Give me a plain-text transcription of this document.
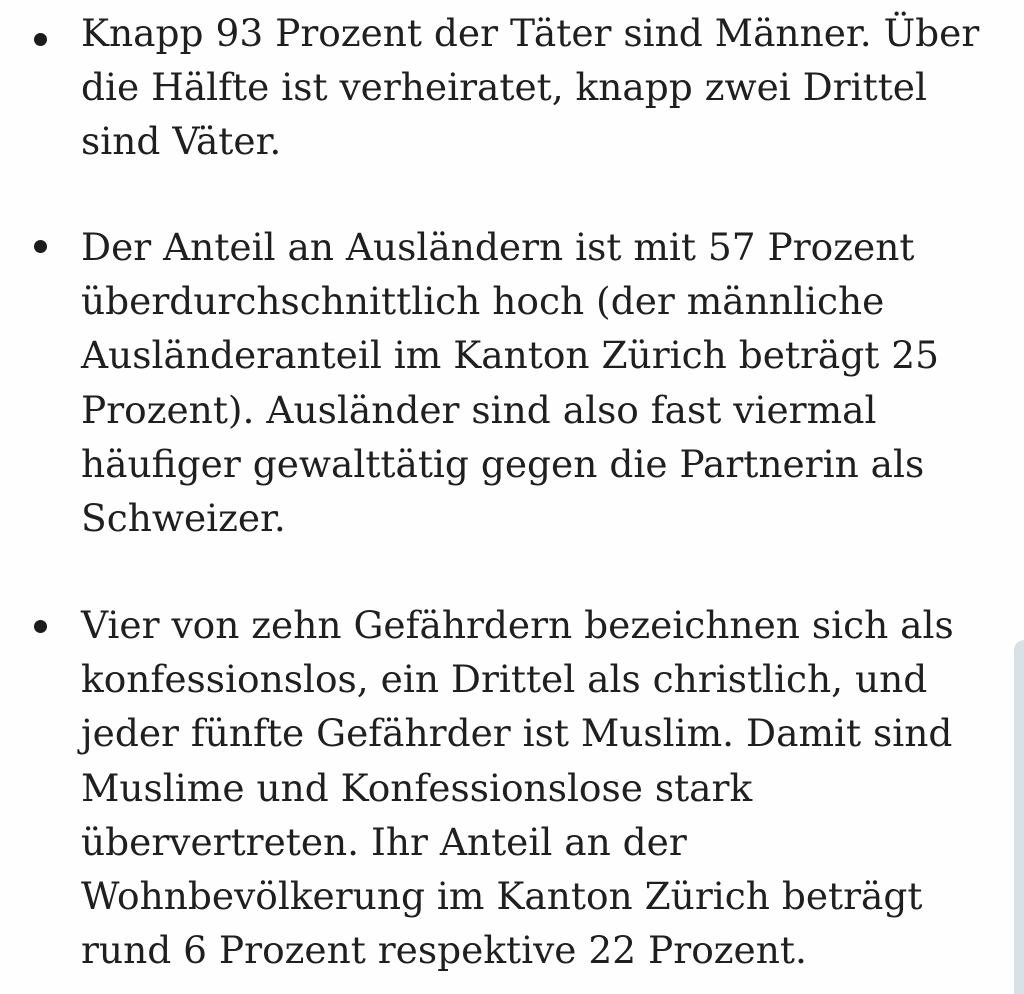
Knapp 93 Prozent der Täter sind Männer. Über
die Hälfte ist verheiratet, knapp zwei Drittel
sind Väter.

Der Anteil an Ausländern ist mit 57 Prozent
überdurchschnittlich hoch (der männliche
Ausländeranteil im Kanton Zürich beträgt 25
Prozent). Ausländer sind also fast viermal
häufiger gewalttätig gegen die Partnerin als
Schweizer.

Vier von zehn Gefährdern bezeichnen sich als
konfessionslos, ein Drittel als christlich, und
jeder fünfte Gefährder ist Muslim. Damit sind
Muslime und Konfessionslose stark
übervertreten. Ihr Anteil an der
Wohnbevölkerung im Kanton Zürich beträgt
rund 6 Prozent respektive 22 Prozent.
